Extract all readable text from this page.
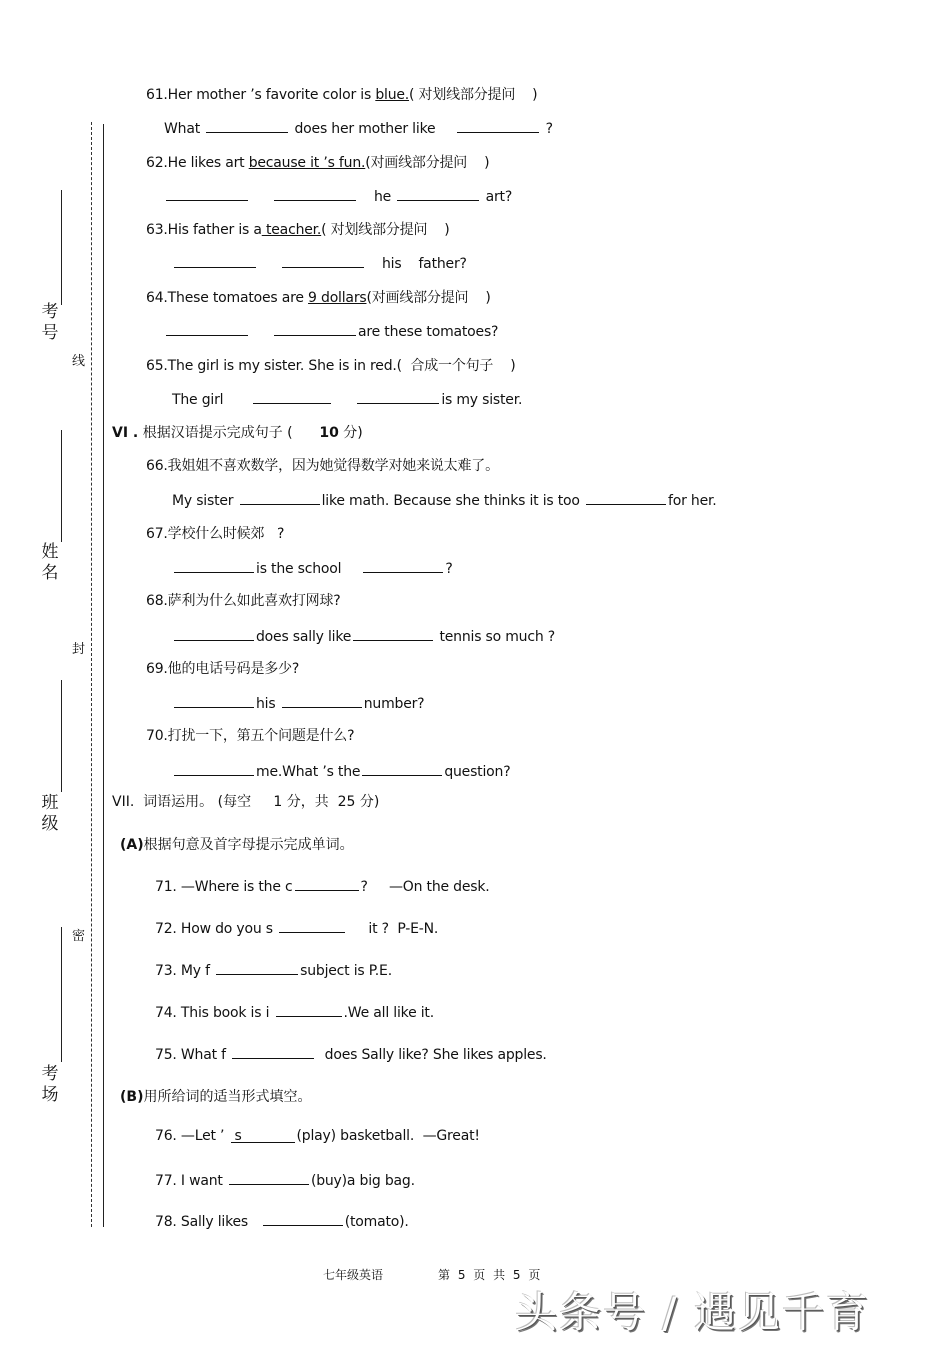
考号
姓名
班级
考场
线
封
密
61.Her mother ’s favorite color is blue.( 对划线部分提问    )
What	does her mother like	?
62.He likes art because it ’s fun.(对画线部分提问    )
he	art?
63.His father is a teacher.( 对划线部分提问    )
his    father?
64.These tomatoes are 9 dollars(对画线部分提问    )
are these tomatoes?
65.The girl is my sister. She is in red.(  合成一个句子    )
The girl	is my sister.
VI . 根据汉语提示完成句子 (      10 分)
66.我姐姐不喜欢数学，因为她觉得数学对她来说太难了。
My sister	like math. Because she thinks it is too	for her.
67.学校什么时候郊   ?
is the school	?
68.萨利为什么如此喜欢打网球?
does sally like	tennis so much ?
69.他的电话号码是多少?
his	number?
70.打扰一下，第五个问题是什么?
me.What ’s the	question?
VII.  词语运用。 (每空     1 分，共  25 分)
(A)根据句意及首字母提示完成单词。
71. —Where is the c	?     —On the desk.
72. How do you s	it ?  P-E-N.
73. My f	subject is P.E.
74. This book is i	.We all like it.
75. What f	does Sally like? She likes apples.
(B)用所给词的适当形式填空。
76. —Let ’ s	(play) basketball.  —Great!
77. I want	(buy)a big bag.
78. Sally likes	(tomato).
七年级英语	第 5 页 共 5 页
头条号 / 遇见千育
